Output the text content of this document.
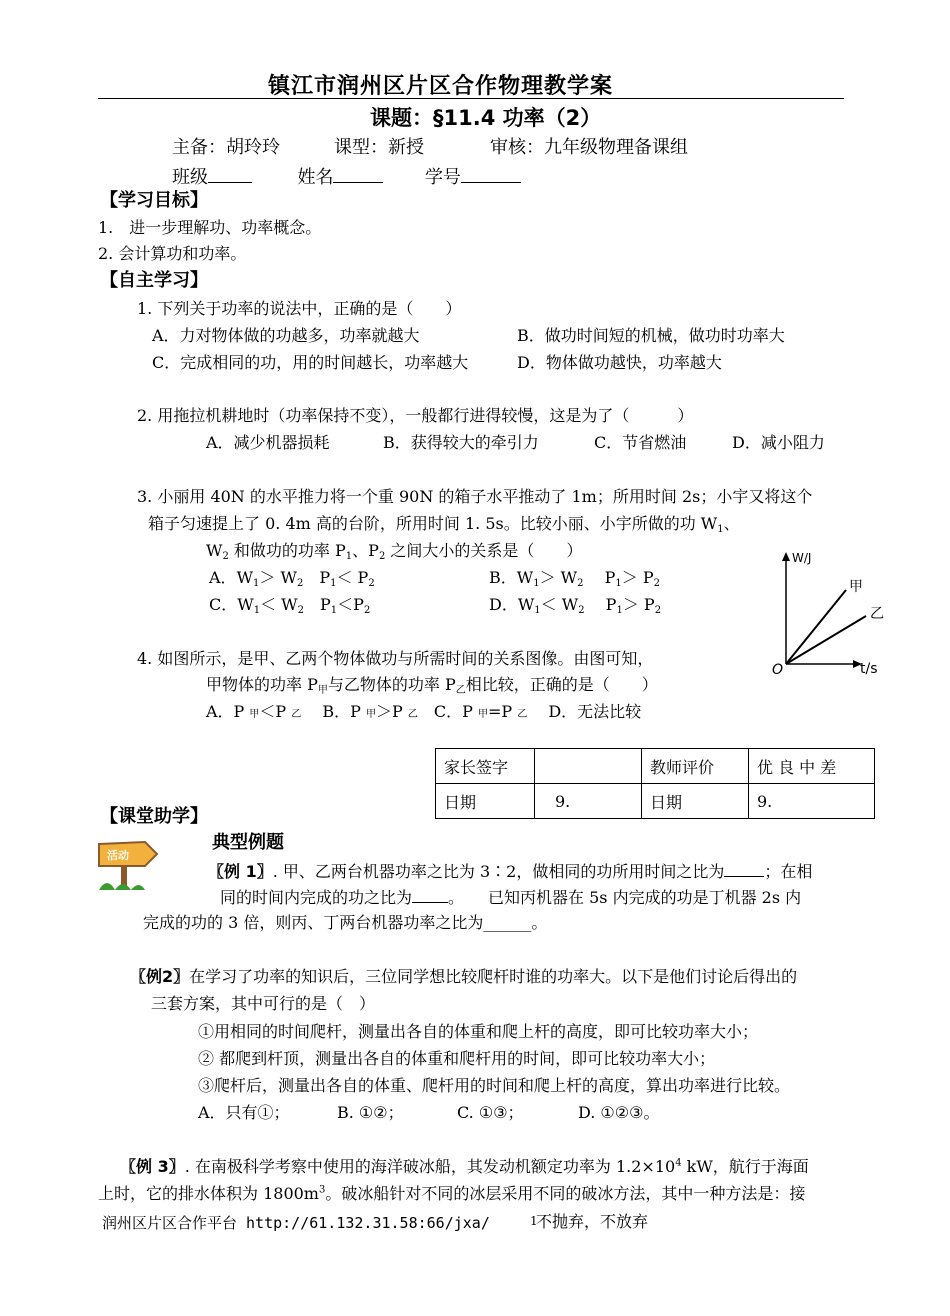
镇江市润州区片区合作物理教学案
课题：§11.4 功率（2）
主备：胡玲玲	课型：新授	审核：九年级物理备课组
班级	姓名	学号
【学习目标】
1.　进一步理解功、功率概念。
2. 会计算功和功率。
【自主学习】
1. 下列关于功率的说法中，正确的是（　　）
A．力对物体做的功越多，功率就越大	B．做功时间短的机械，做功时功率大
C．完成相同的功，用的时间越长，功率越大	D．物体做功越快，功率越大
2. 用拖拉机耕地时（功率保持不变），一般都行进得较慢，这是为了（　　　）
A．减少机器损耗	B．获得较大的牵引力	C．节省燃油	D．减小阻力
3. 小丽用 40N 的水平推力将一个重 90N 的箱子水平推动了 1m；所用时间 2s；小宇又将这个
箱子匀速提上了 0. 4m 高的台阶，所用时间 1. 5s。比较小丽、小宇所做的功 $W_1$、
$W_2$ 和做功的功率 $P_1$、$P_2$ 之间大小的关系是（　　）
A．$W_1> W_2$　$P_1< P_2$	B．$W_1> W_2$　 $P_1> P_2$
C．$W_1< W_2$　$P_1<P_2$	D．$W_1< W_2$　 $P_1> P_2$
W/J
t/s
O
甲
乙
4. 如图所示，是甲、乙两个物体做功与所需时间的关系图像。由图可知，
甲物体的功率 $P_甲$与乙物体的功率 $P_乙$相比较，正确的是（　　）
A．P 甲＜P 乙　 B．P 甲＞P 乙　C．P 甲=P 乙　 D．无法比较
家长签字		教师评价	优 良 中 差
日期	9.	日期	9.
【课堂助学】
典型例题
活动
〖例 1〗. 甲、乙两台机器功率之比为 3∶2，做相同的功所用时间之比为	；在相
同的时间内完成的功之比为 。　　已知丙机器在 5s 内完成的功是丁机器 2s 内
完成的功的 3 倍，则丙、丁两台机器功率之比为______。
〖例2〗在学习了功率的知识后，三位同学想比较爬杆时谁的功率大。以下是他们讨论后得出的
三套方案，其中可行的是（　）
①用相同的时间爬杆，测量出各自的体重和爬上杆的高度，即可比较功率大小；
② 都爬到杆顶，测量出各自的体重和爬杆用的时间，即可比较功率大小；
③爬杆后，测量出各自的体重、爬杆用的时间和爬上杆的高度，算出功率进行比较。
A．只有①；	B. ①②；	C. ①③；	D. ①②③。
〖例 3〗. 在南极科学考察中使用的海洋破冰船，其发动机额定功率为 $1.2\times 10^4$ kW，航行于海面
上时，它的排水体积为 $1800m^3$。破冰船针对不同的冰层采用不同的破冰方法，其中一种方法是：接
润州区片区合作平台 http://61.132.31.58:66/jxa/	1
不抛弃，不放弃
